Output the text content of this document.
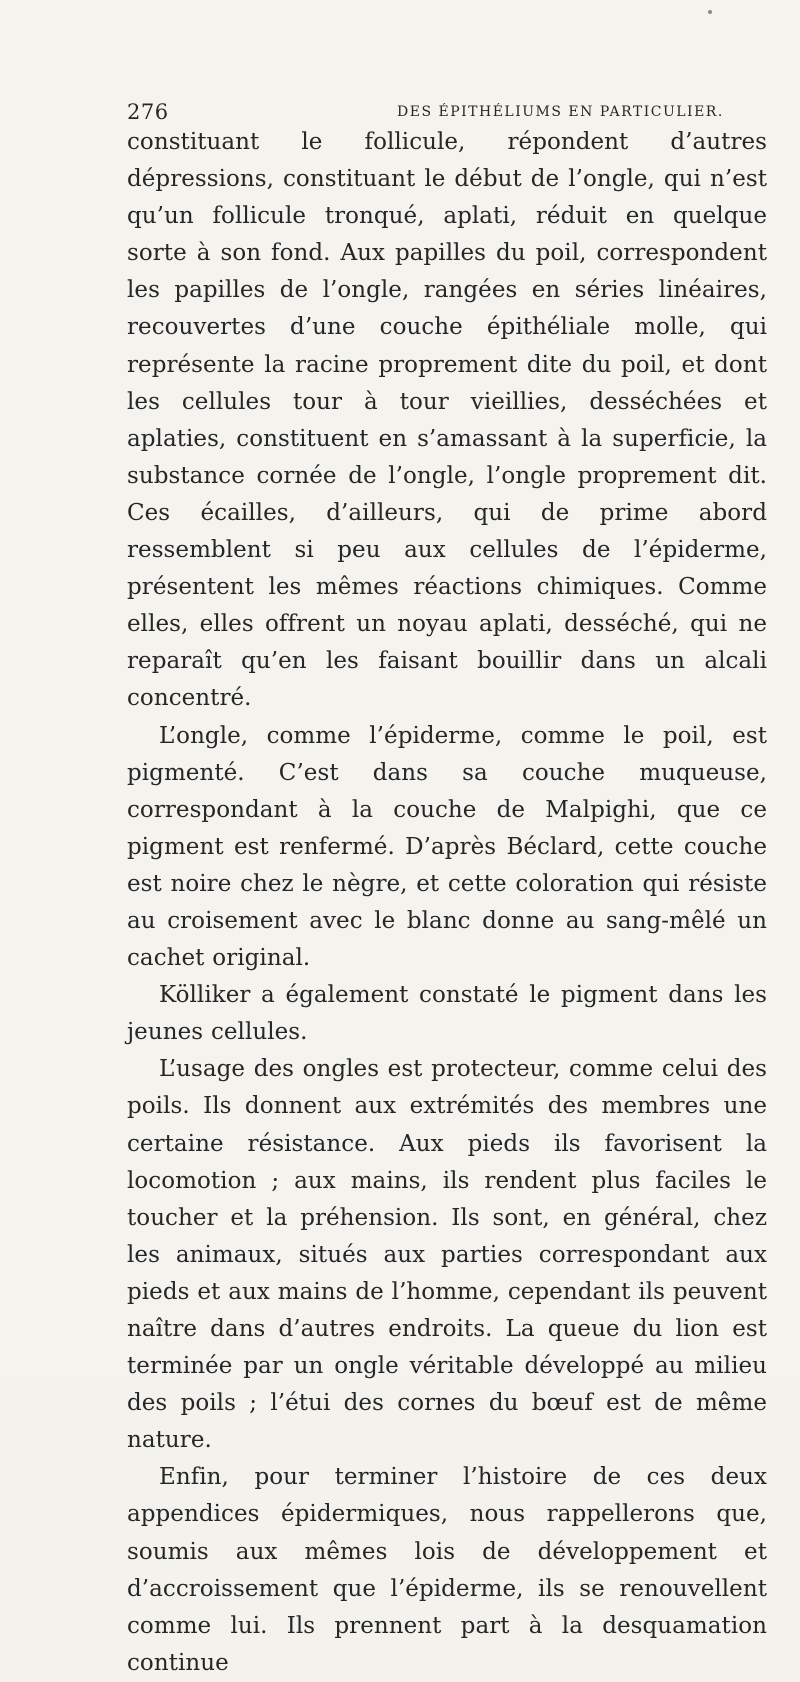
276	DES ÉPITHÉLIUMS EN PARTICULIER.

constituant le follicule, répondent d’autres dépressions, constituant le début de l’ongle, qui n’est qu’un follicule tronqué, aplati, réduit en quelque sorte à son fond. Aux papilles du poil, correspondent les papilles de l’ongle, rangées en séries linéaires, recouvertes d’une couche épithéliale molle, qui représente la racine proprement dite du poil, et dont les cellules tour à tour vieillies, desséchées et aplaties, constituent en s’amassant à la superficie, la substance cornée de l’ongle, l’ongle proprement dit. Ces écailles, d’ailleurs, qui de prime abord ressemblent si peu aux cellules de l’épiderme, présentent les mêmes réactions chimiques. Comme elles, elles offrent un noyau aplati, desséché, qui ne reparaît qu’en les faisant bouillir dans un alcali concentré.

L’ongle, comme l’épiderme, comme le poil, est pigmenté. C’est dans sa couche muqueuse, correspondant à la couche de Malpighi, que ce pigment est renfermé. D’après Béclard, cette couche est noire chez le nègre, et cette coloration qui résiste au croisement avec le blanc donne au sang-mêlé un cachet original.

Kölliker a également constaté le pigment dans les jeunes cellules.

L’usage des ongles est protecteur, comme celui des poils. Ils donnent aux extrémités des membres une certaine résistance. Aux pieds ils favorisent la locomotion ; aux mains, ils rendent plus faciles le toucher et la préhension. Ils sont, en général, chez les animaux, situés aux parties correspondant aux pieds et aux mains de l’homme, cependant ils peuvent naître dans d’autres endroits. La queue du lion est terminée par un ongle véritable développé au milieu des poils ; l’étui des cornes du bœuf est de même nature.

Enfin, pour terminer l’histoire de ces deux appendices épidermiques, nous rappellerons que, soumis aux mêmes lois de développement et d’accroissement que l’épiderme, ils se renouvellent comme lui. Ils prennent part à la desquamation continue
